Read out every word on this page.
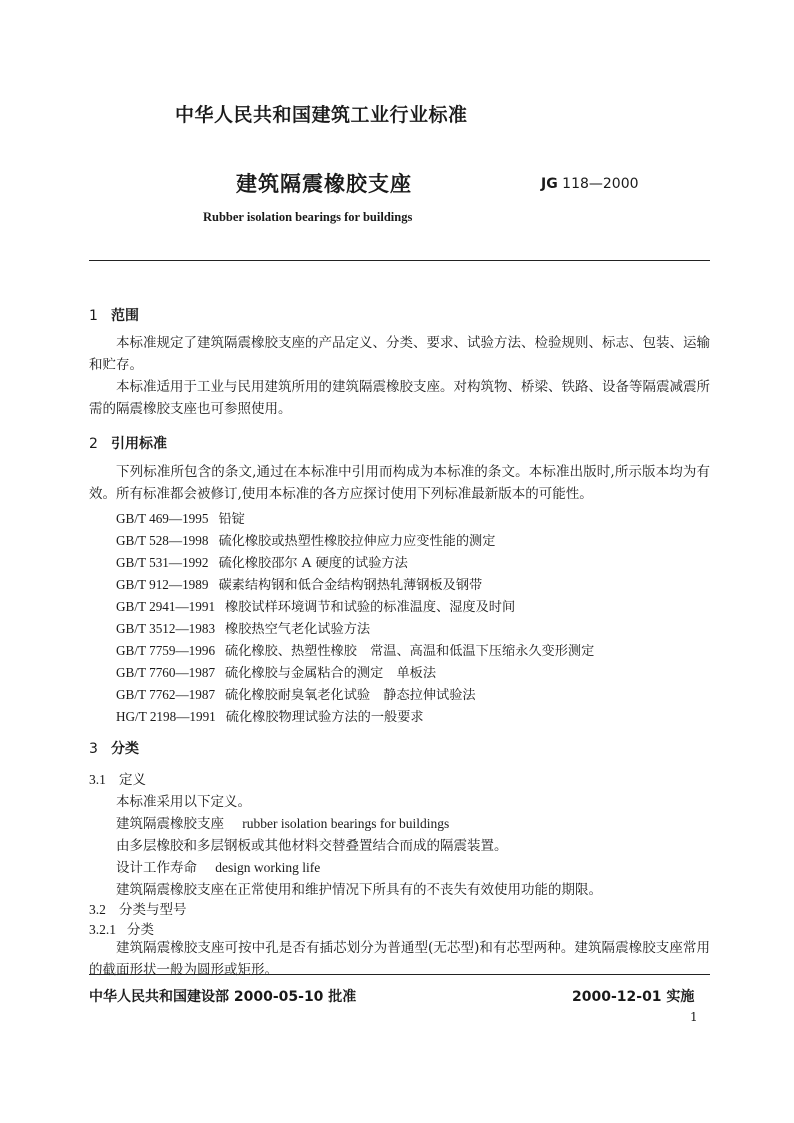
中华人民共和国建筑工业行业标准
建筑隔震橡胶支座	JG 118—2000
Rubber isolation bearings for buildings
1 范围
本标准规定了建筑隔震橡胶支座的产品定义、分类、要求、试验方法、检验规则、标志、包装、运输和贮存。
本标准适用于工业与民用建筑所用的建筑隔震橡胶支座。对构筑物、桥梁、铁路、设备等隔震减震所需的隔震橡胶支座也可参照使用。
2 引用标准
下列标准所包含的条文,通过在本标准中引用而构成为本标准的条文。本标准出版时,所示版本均为有效。所有标准都会被修订,使用本标准的各方应探讨使用下列标准最新版本的可能性。
GB/T 469—1995 铅锭
GB/T 528—1998 硫化橡胶或热塑性橡胶拉伸应力应变性能的测定
GB/T 531—1992 硫化橡胶邵尔 A 硬度的试验方法
GB/T 912—1989 碳素结构钢和低合金结构钢热轧薄钢板及钢带
GB/T 2941—1991 橡胶试样环境调节和试验的标准温度、湿度及时间
GB/T 3512—1983 橡胶热空气老化试验方法
GB/T 7759—1996 硫化橡胶、热塑性橡胶　常温、高温和低温下压缩永久变形测定
GB/T 7760—1987 硫化橡胶与金属粘合的测定　单板法
GB/T 7762—1987 硫化橡胶耐臭氧老化试验　静态拉伸试验法
HG/T 2198—1991 硫化橡胶物理试验方法的一般要求
3 分类
3.1 定义
本标准采用以下定义。
建筑隔震橡胶支座 rubber isolation bearings for buildings
由多层橡胶和多层钢板或其他材料交替叠置结合而成的隔震装置。
设计工作寿命 design working life
建筑隔震橡胶支座在正常使用和维护情况下所具有的不丧失有效使用功能的期限。
3.2 分类与型号
3.2.1 分类
建筑隔震橡胶支座可按中孔是否有插芯划分为普通型(无芯型)和有芯型两种。建筑隔震橡胶支座常用的截面形状一般为圆形或矩形。
中华人民共和国建设部 2000-05-10 批准	2000-12-01 实施
1
